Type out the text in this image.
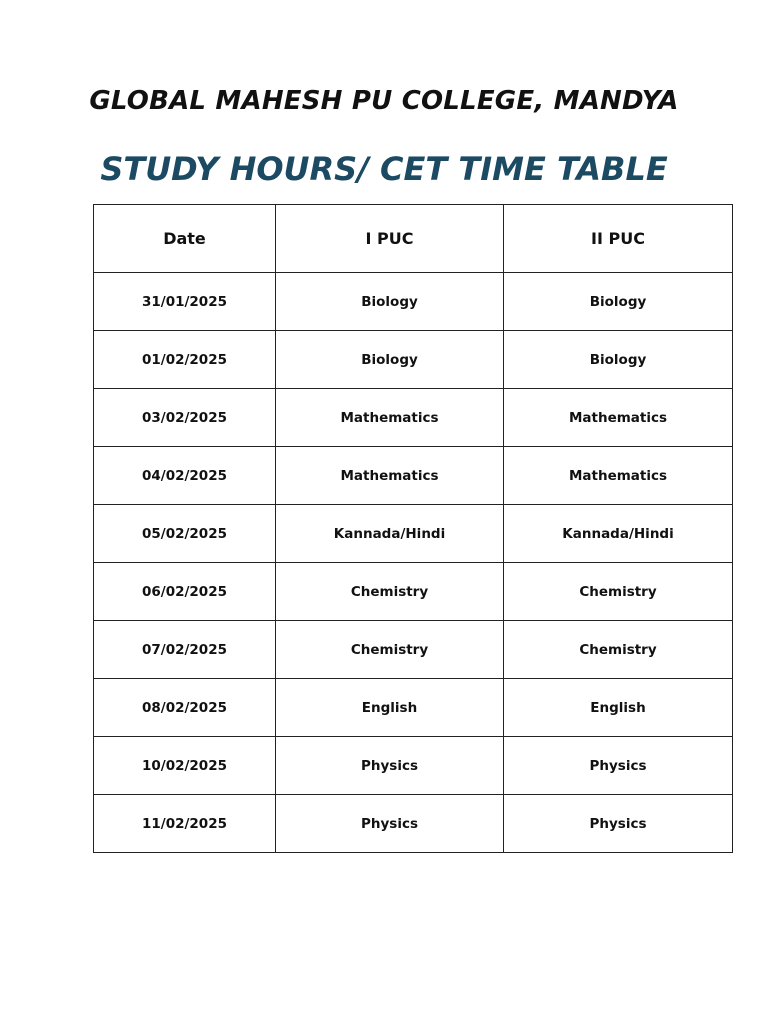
GLOBAL MAHESH PU COLLEGE, MANDYA
STUDY HOURS/ CET TIME TABLE
Date	I PUC	II PUC
31/01/2025	Biology	Biology
01/02/2025	Biology	Biology
03/02/2025	Mathematics	Mathematics
04/02/2025	Mathematics	Mathematics
05/02/2025	Kannada/Hindi	Kannada/Hindi
06/02/2025	Chemistry	Chemistry
07/02/2025	Chemistry	Chemistry
08/02/2025	English	English
10/02/2025	Physics	Physics
11/02/2025	Physics	Physics
